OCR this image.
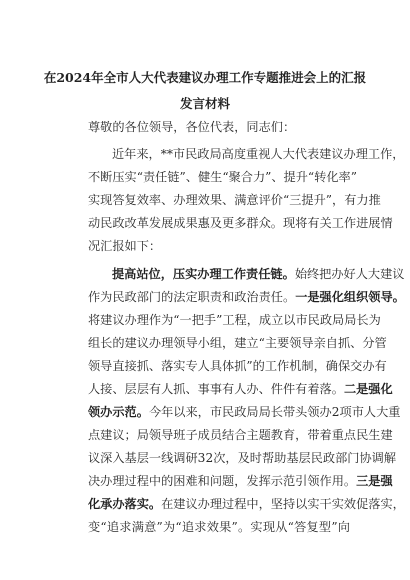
在2024年全市人大代表建议办理工作专题推进会上的汇报
发言材料
尊敬的各位领导，各位代表，同志们：
近年来，**市民政局高度重视人大代表建议办理工作，
不断压实“责任链”、健生“聚合力”、提升“转化率”
实现答复效率、办理效果、满意评价“三提升”，有力推
动民政改革发展成果惠及更多群众。现将有关工作进展情
况汇报如下：
提高站位，压实办理工作责任链。始终把办好人大建议
作为民政部门的法定职责和政治责任。一是强化组织领导。
将建议办理作为“一把手”工程，成立以市民政局局长为
组长的建议办理领导小组，建立“主要领导亲自抓、分管
领导直接抓、落实专人具体抓”的工作机制，确保交办有
人接、层层有人抓、事事有人办、件件有着落。二是强化
领办示范。今年以来，市民政局局长带头领办2项市人大重
点建议；局领导班子成员结合主题教育，带着重点民生建
议深入基层一线调研32次，及时帮助基层民政部门协调解
决办理过程中的困难和问题，发挥示范引领作用。三是强
化承办落实。在建议办理过程中，坚持以实干实效促落实，
变“追求满意”为“追求效果”。实现从“答复型”向
